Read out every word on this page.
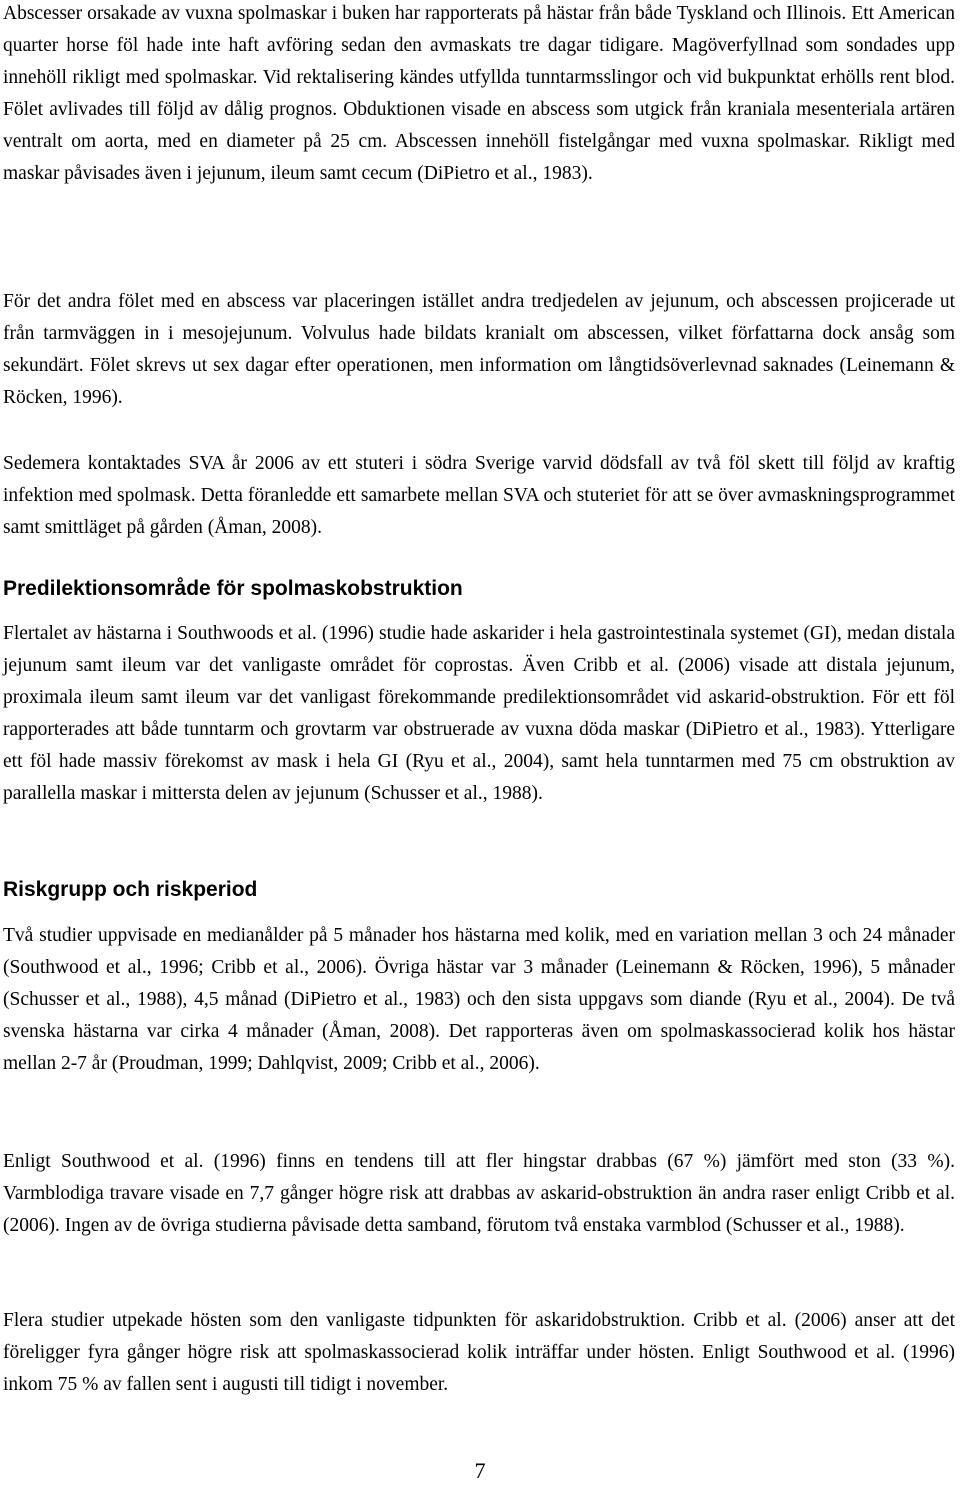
Abscesser orsakade av vuxna spolmaskar i buken har rapporterats på hästar från både Tyskland och Illinois. Ett American quarter horse föl hade inte haft avföring sedan den avmaskats tre dagar tidigare. Magöverfyllnad som sondades upp innehöll rikligt med spolmaskar. Vid rektalisering kändes utfyllda tunntarmsslingor och vid bukpunktat erhölls rent blod. Fölet avlivades till följd av dålig prognos. Obduktionen visade en abscess som utgick från kraniala mesenteriala artären ventralt om aorta, med en diameter på 25 cm. Abscessen innehöll fistelgångar med vuxna spolmaskar. Rikligt med maskar påvisades även i jejunum, ileum samt cecum (DiPietro et al., 1983).

För det andra fölet med en abscess var placeringen istället andra tredjedelen av jejunum, och abscessen projicerade ut från tarmväggen in i mesojejunum. Volvulus hade bildats kranialt om abscessen, vilket författarna dock ansåg som sekundärt. Fölet skrevs ut sex dagar efter operationen, men information om långtidsöverlevnad saknades (Leinemann & Röcken, 1996).

Sedemera kontaktades SVA år 2006 av ett stuteri i södra Sverige varvid dödsfall av två föl skett till följd av kraftig infektion med spolmask. Detta föranledde ett samarbete mellan SVA och stuteriet för att se över avmaskningsprogrammet samt smittläget på gården (Åman, 2008).

Predilektionsområde för spolmaskobstruktion

Flertalet av hästarna i Southwoods et al. (1996) studie hade askarider i hela gastrointestinala systemet (GI), medan distala jejunum samt ileum var det vanligaste området för coprostas. Även Cribb et al. (2006) visade att distala jejunum, proximala ileum samt ileum var det vanligast förekommande predilektionsområdet vid askarid-obstruktion. För ett föl rapporterades att både tunntarm och grovtarm var obstruerade av vuxna döda maskar (DiPietro et al., 1983). Ytterligare ett föl hade massiv förekomst av mask i hela GI (Ryu et al., 2004), samt hela tunntarmen med 75 cm obstruktion av parallella maskar i mittersta delen av jejunum (Schusser et al., 1988).

Riskgrupp och riskperiod

Två studier uppvisade en medianålder på 5 månader hos hästarna med kolik, med en variation mellan 3 och 24 månader (Southwood et al., 1996; Cribb et al., 2006). Övriga hästar var 3 månader (Leinemann & Röcken, 1996), 5 månader (Schusser et al., 1988), 4,5 månad (DiPietro et al., 1983) och den sista uppgavs som diande (Ryu et al., 2004). De två svenska hästarna var cirka 4 månader (Åman, 2008). Det rapporteras även om spolmaskassocierad kolik hos hästar mellan 2-7 år (Proudman, 1999; Dahlqvist, 2009; Cribb et al., 2006).

Enligt Southwood et al. (1996) finns en tendens till att fler hingstar drabbas (67 %) jämfört med ston (33 %). Varmblodiga travare visade en 7,7 gånger högre risk att drabbas av askarid-obstruktion än andra raser enligt Cribb et al. (2006). Ingen av de övriga studierna påvisade detta samband, förutom två enstaka varmblod (Schusser et al., 1988).

Flera studier utpekade hösten som den vanligaste tidpunkten för askaridobstruktion. Cribb et al. (2006) anser att det föreligger fyra gånger högre risk att spolmaskassocierad kolik inträffar under hösten. Enligt Southwood et al. (1996) inkom 75 % av fallen sent i augusti till tidigt i november.

7
